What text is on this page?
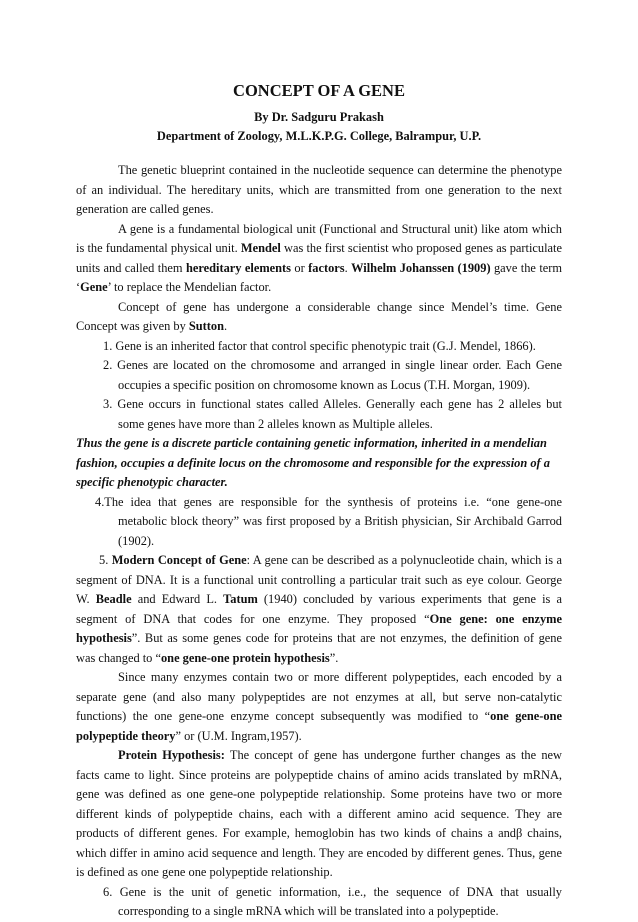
CONCEPT OF A GENE
By Dr. Sadguru Prakash
Department of Zoology, M.L.K.P.G. College, Balrampur, U.P.

The genetic blueprint contained in the nucleotide sequence can determine the phenotype of an individual. The hereditary units, which are transmitted from one generation to the next generation are called genes.

A gene is a fundamental biological unit (Functional and Structural unit) like atom which is the fundamental physical unit. Mendel was the first scientist who proposed genes as particulate units and called them hereditary elements or factors. Wilhelm Johanssen (1909) gave the term ‘Gene’ to replace the Mendelian factor.

Concept of gene has undergone a considerable change since Mendel’s time. Gene Concept was given by Sutton.

1. Gene is an inherited factor that control specific phenotypic trait (G.J. Mendel, 1866).

2. Genes are located on the chromosome and arranged in single linear order. Each Gene occupies a specific position on chromosome known as Locus (T.H. Morgan, 1909).

3. Gene occurs in functional states called Alleles. Generally each gene has 2 alleles but some genes have more than 2 alleles known as Multiple alleles.

Thus the gene is a discrete particle containing genetic information, inherited in a mendelian fashion, occupies a definite locus on the chromosome and responsible for the expression of a specific phenotypic character.

4.The idea that genes are responsible for the synthesis of proteins i.e. “one gene-one metabolic block theory” was first proposed by a British physician, Sir Archibald Garrod (1902).

5. Modern Concept of Gene: A gene can be described as a polynucleotide chain, which is a segment of DNA. It is a functional unit controlling a particular trait such as eye colour. George W. Beadle and Edward L. Tatum (1940) concluded by various experiments that gene is a segment of DNA that codes for one enzyme. They proposed “One gene: one enzyme hypothesis”. But as some genes code for proteins that are not enzymes, the definition of gene was changed to “one gene-one protein hypothesis”.

Since many enzymes contain two or more different polypeptides, each encoded by a separate gene (and also many polypeptides are not enzymes at all, but serve non-catalytic functions) the one gene-one enzyme concept subsequently was modified to “one gene-one polypeptide theory” or (U.M. Ingram,1957).

Protein Hypothesis: The concept of gene has undergone further changes as the new facts came to light. Since proteins are polypeptide chains of amino acids translated by mRNA, gene was defined as one gene-one polypeptide relationship. Some proteins have two or more different kinds of polypeptide chains, each with a different amino acid sequence. They are products of different genes. For example, hemoglobin has two kinds of chains a andβ chains, which differ in amino acid sequence and length. They are encoded by different genes. Thus, gene is defined as one gene one polypeptide relationship.

6. Gene is the unit of genetic information, i.e., the sequence of DNA that usually corresponding to a single mRNA which will be translated into a polypeptide.
